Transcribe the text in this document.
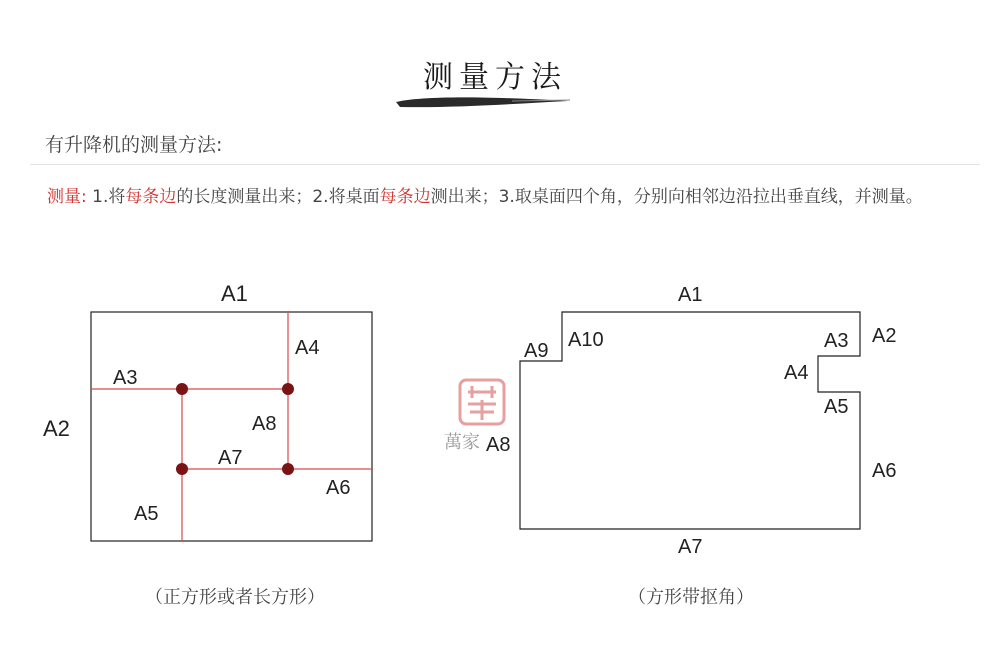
测量方法
有升降机的测量方法:
测量: 1.将每条边的长度测量出来；2.将桌面每条边测出来；3.取桌面四个角，分别向相邻边沿拉出垂直线，并测量。
A1
A2
A3
A4
A5
A6
A7
A8
（正方形或者长方形）
萬家
A1
A2
A3
A4
A5
A6
A7
A8
A9 A10
（方形带抠角）
